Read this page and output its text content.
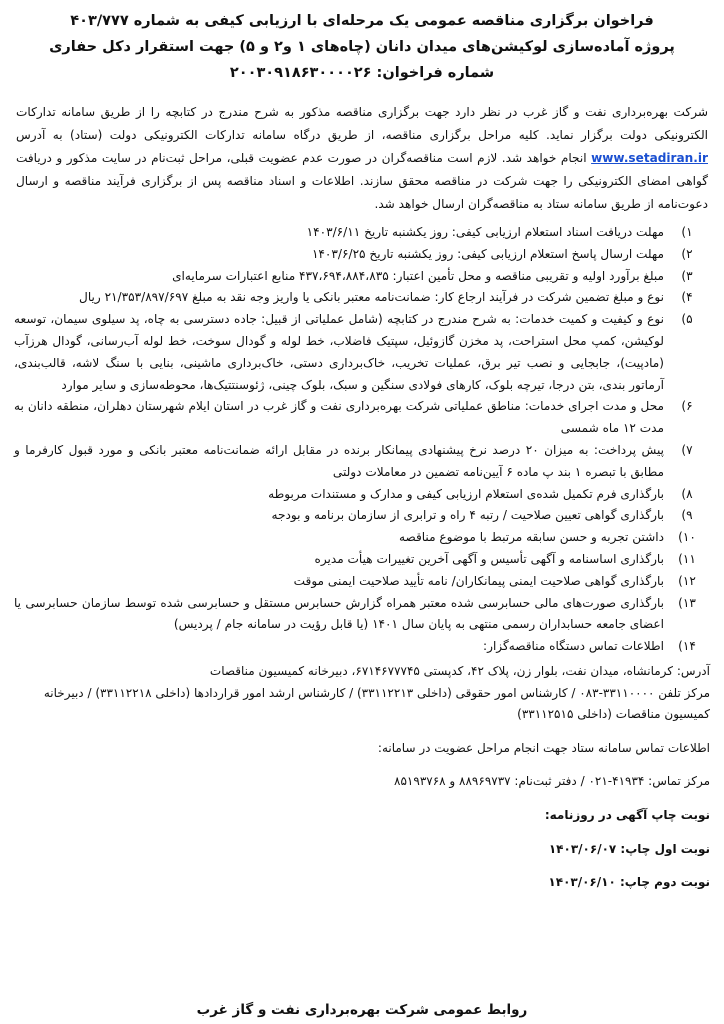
فراخوان برگزاری مناقصه عمومی یک مرحله‌ای با ارزیابی کیفی به شماره ۴۰۳/۷۷۷

پروژه آماده‌سازی لوکیشن‌های میدان دانان (چاه‌های ۱ و۲ و ۵) جهت استقرار دکل حفاری

شماره فراخوان: ۲۰۰۳۰۹۱۸۶۳۰۰۰۰۲۶

شرکت بهره‌برداری نفت و گاز غرب در نظر دارد جهت برگزاری مناقصه مذکور به شرح مندرج در کتابچه را از طریق سامانه تدارکات الکترونیکی دولت برگزار نماید. کلیه مراحل برگزاری مناقصه، از طریق درگاه سامانه تدارکات الکترونیکی دولت (ستاد) به آدرس www.setadiran.ir انجام خواهد شد. لازم است مناقصه‌گران در صورت عدم عضویت قبلی، مراحل ثبت‌نام در سایت مذکور و دریافت گواهی امضای الکترونیکی را جهت شرکت در مناقصه محقق سازند. اطلاعات و اسناد مناقصه پس از برگزاری فرآیند مناقصه و ارسال دعوت‌نامه از طریق سامانه ستاد به مناقصه‌گران ارسال خواهد شد.
۱)
مهلت دریافت اسناد استعلام ارزیابی کیفی: روز یکشنبه تاریخ ۱۴۰۳/۶/۱۱
۲)
مهلت ارسال پاسخ استعلام ارزیابی کیفی: روز یکشنبه تاریخ ۱۴۰۳/۶/۲۵
۳)
مبلغ برآورد اولیه و تقریبی مناقصه و محل تأمین اعتبار: ۴۳۷،۶۹۴،۸۸۴،۸۳۵ منابع اعتبارات سرمایه‌ای
۴)
نوع و مبلغ تضمین شرکت در فرآیند ارجاع کار: ضمانت‌نامه معتبر بانکی یا واریز وجه نقد به مبلغ ۲۱/۳۵۳/۸۹۷/۶۹۷ ریال
۵)
نوع و کیفیت و کمیت خدمات: به شرح مندرج در کتابچه (شامل عملیاتی از قبیل: جاده دسترسی به چاه، پد سیلوی سیمان، توسعه لوکیشن، کمپ محل استراحت، پد مخزن گازوئیل، سپتیک فاضلاب، خط لوله و گودال سوخت، خط لوله آب‌رسانی، گودال هرزآب (مادپیت)، جابجایی و نصب تیر برق، عملیات تخریب، خاک‌برداری دستی، خاک‌برداری ماشینی، بنایی با سنگ لاشه، قالب‌بندی، آرماتور بندی، بتن درجا، تیرچه بلوک، کارهای فولادی سنگین و سبک، بلوک چینی، ژئوسنتتیک‌ها، محوطه‌سازی و سایر موارد
۶)
محل و مدت اجرای خدمات: مناطق عملیاتی شرکت بهره‌برداری نفت و گاز غرب در استان ایلام شهرستان دهلران، منطقه دانان به مدت ۱۲ ماه شمسی
۷)
پیش پرداخت: به میزان ۲۰ درصد نرخ پیشنهادی پیمانکار برنده در مقابل ارائه ضمانت‌نامه معتبر بانکی و مورد قبول کارفرما و مطابق با تبصره ۱ بند پ ماده ۶ آیین‌نامه تضمین در معاملات دولتی
۸)
بارگذاری فرم تکمیل شده‌ی استعلام ارزیابی کیفی و مدارک و مستندات مربوطه
۹)
بارگذاری گواهی تعیین صلاحیت / رتبه ۴ راه و ترابری از سازمان برنامه و بودجه
۱۰)
داشتن تجربه و حسن سابقه مرتبط با موضوع مناقصه
۱۱)
بارگذاری اساسنامه و آگهی تأسیس و آگهی آخرین تغییرات هیأت مدیره
۱۲)
بارگذاری گواهی صلاحیت ایمنی پیمانکاران/ نامه تأیید صلاحیت ایمنی موقت
۱۳)
بارگذاری صورت‌های مالی حسابرسی شده معتبر همراه گزارش حسابرس مستقل و حسابرسی شده توسط سازمان حسابرسی یا اعضای جامعه حسابداران رسمی منتهی به پایان سال ۱۴۰۱ (یا قابل رؤیت در سامانه جام / پردیس)
۱۴)
اطلاعات تماس دستگاه مناقصه‌گزار:

آدرس: کرمانشاه، میدان نفت، بلوار زن، پلاک ۴۲، کدپستی ۶۷۱۴۶۷۷۷۴۵، دبیرخانه کمیسیون مناقصات

مرکز تلفن ۳۳۱۱۰۰۰۰-۰۸۳ / کارشناس امور حقوقی (داخلی ۳۳۱۱۲۲۱۳) / کارشناس ارشد امور قراردادها (داخلی ۳۳۱۱۲۲۱۸) / دبیرخانه کمیسیون مناقصات (داخلی ۳۳۱۱۲۵۱۵)

اطلاعات تماس سامانه ستاد جهت انجام مراحل عضویت در سامانه:

مرکز تماس: ۴۱۹۳۴-۰۲۱ / دفتر ثبت‌نام: ۸۸۹۶۹۷۳۷ و ۸۵۱۹۳۷۶۸

نوبت چاپ آگهی در روزنامه:

نوبت اول چاپ: ۱۴۰۳/۰۶/۰۷

نوبت دوم چاپ: ۱۴۰۳/۰۶/۱۰

روابط عمومی شرکت بهره‌برداری نفت و گاز غرب
